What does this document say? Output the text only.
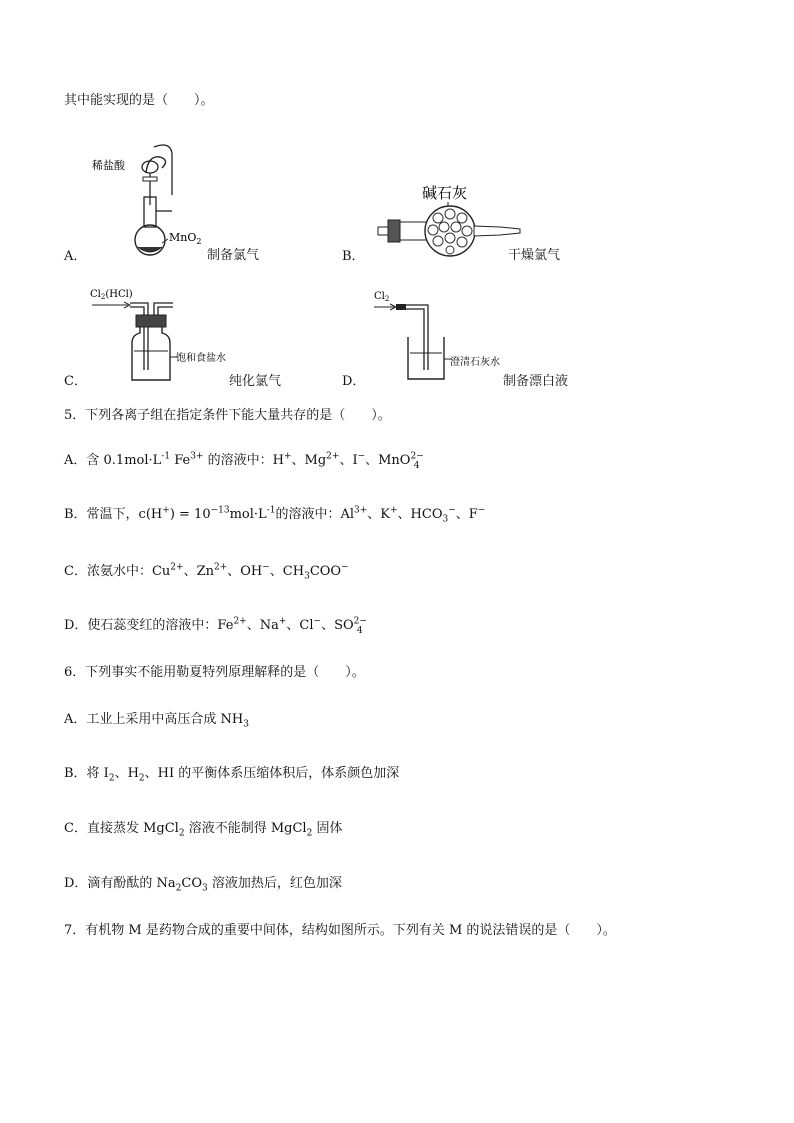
其中能实现的是（　　）。
A．
稀盐酸
MnO$_2$
制备氯气	B．
碱石灰
干燥氯气
C．
$Cl_2(HCl)$
饱和食盐水
纯化氯气	D．
$Cl_2$
澄清石灰水
制备漂白液
5．下列各离子组在指定条件下能大量共存的是（　　）。
A．含 $0.1mol\cdot L^{-1}$ $Fe^{3+}$ 的溶液中：H+、$Mg^{2+}$、I−、MnO$^{2-}_4$
B．常温下，$c(H^+) = 10^{-13}mol\cdot L^{-1}$的溶液中：$Al^{3+}$、K+、$HCO_3^-$、F−
C．浓氨水中：$Cu^{2+}$、$Zn^{2+}$、OH−、$CH_3COO^-$
D．使石蕊变红的溶液中：$Fe^{2+}$、Na+、Cl−、$SO^{2-}_4$
6．下列事实不能用勒夏特列原理解释的是（　　）。
A．工业上采用中高压合成 $NH_3$
B．将 $I_2$、$H_2$、HI 的平衡体系压缩体积后，体系颜色加深
C．直接蒸发 MgCl$_2$ 溶液不能制得 MgCl$_2$ 固体
D．滴有酚酞的 $Na_2CO_3$ 溶液加热后，红色加深
7．有机物 M 是药物合成的重要中间体，结构如图所示。下列有关 M 的说法错误的是（　　）。
